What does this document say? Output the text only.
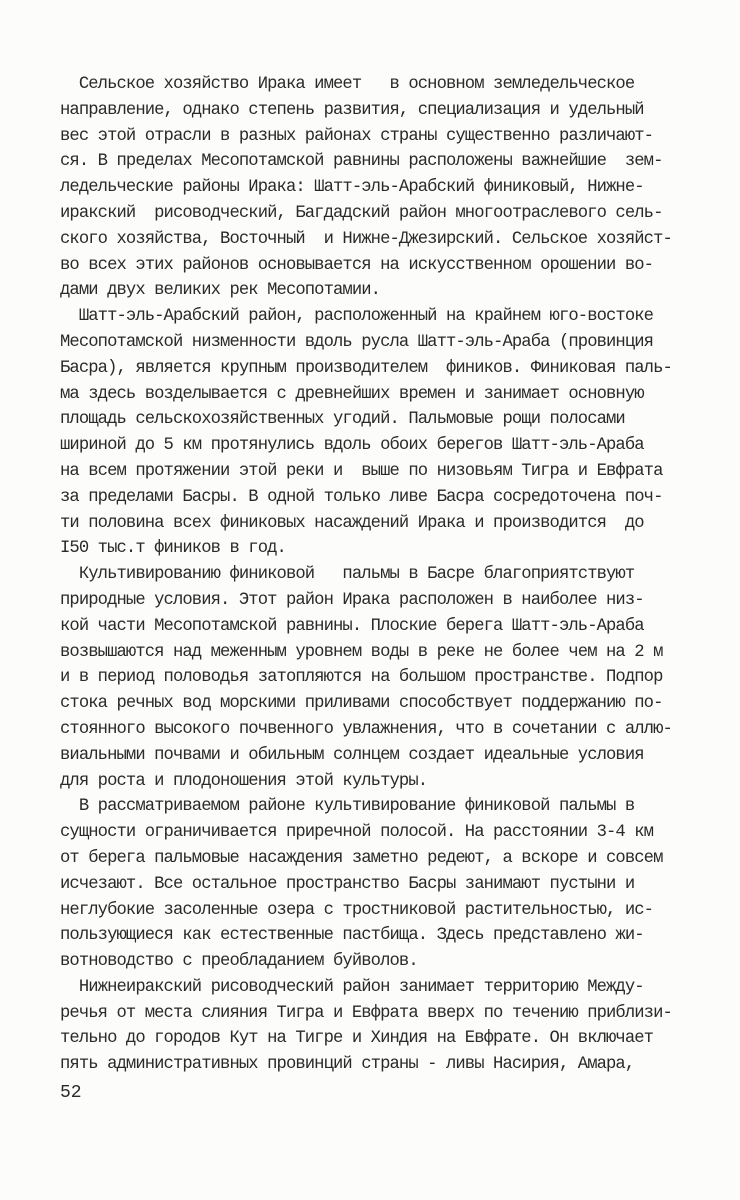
Сельское хозяйство Ирака имеет   в основном земледельческое
направление, однако степень развития, специализация и удельный
вес этой отрасли в разных районах страны существенно различают-
ся. В пределах Месопотамской равнины расположены важнейшие  зем-
ледельческие районы Ирака: Шатт-эль-Арабский финиковый, Нижне-
иракский  рисоводческий, Багдадский район многоотраслевого сель-
ского хозяйства, Восточный  и Нижне-Джезирский. Сельское хозяйст-
во всех этих районов основывается на искусственном орошении во-
дами двух великих рек Месопотамии.
Шатт-эль-Арабский район, расположенный на крайнем юго-востоке
Месопотамской низменности вдоль русла Шатт-эль-Араба (провинция
Басра), является крупным производителем  фиников. Финиковая паль-
ма здесь возделывается с древнейших времен и занимает основную
площадь сельскохозяйственных угодий. Пальмовые рощи полосами
шириной до 5 км протянулись вдоль обоих берегов Шатт-эль-Араба
на всем протяжении этой реки и  выше по низовьям Тигра и Евфрата
за пределами Басры. В одной только ливе Басра сосредоточена поч-
ти половина всех финиковых насаждений Ирака и производится  до
I50 тыс.т фиников в год.
Культивированию финиковой   пальмы в Басре благоприятствуют
природные условия. Этот район Ирака расположен в наиболее низ-
кой части Месопотамской равнины. Плоские берега Шатт-эль-Араба
возвышаются над меженным уровнем воды в реке не более чем на 2 м
и в период половодья затопляются на большом пространстве. Подпор
стока речных вод морскими приливами способствует поддержанию по-
стоянного высокого почвенного увлажнения, что в сочетании с аллю-
виальными почвами и обильным солнцем создает идеальные условия
для роста и плодоношения этой культуры.
В рассматриваемом районе культивирование финиковой пальмы в
сущности ограничивается приречной полосой. На расстоянии 3-4 км
от берега пальмовые насаждения заметно редеют, а вскоре и совсем
исчезают. Все остальное пространство Басры занимают пустыни и
неглубокие засоленные озера с тростниковой растительностью, ис-
пользующиеся как естественные пастбища. Здесь представлено жи-
вотноводство с преобладанием буйволов.
Нижнеиракский рисоводческий район занимает территорию Междy-
речья от места слияния Тигра и Евфрата вверх по течению приблизи-
тельно до городов Кут на Тигре и Хиндия на Евфрате. Он включает
пять административных провинций страны - ливы Насирия, Амара,
52
